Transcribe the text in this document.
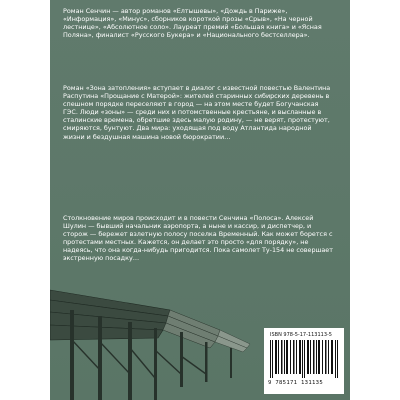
Роман Сенчин — автор романов «Елтышевы», «Дождь в Париже», «Информация», «Минус», сборников короткой прозы «Срыв», «На черной лестнице», «Абсолютное соло». Лауреат премий «Большая книга» и «Ясная Поляна», финалист «Русского Букера» и «Национального бестселлера».

Роман «Зона затопления» вступает в диалог с известной повестью Валентина Распутина «Прощание с Матерой»: жителей старинных сибирских деревень в спешном порядке переселяют в город — на этом месте будет Богучанская ГЭС. Люди «зоны» — среди них и потомственные крестьяне, и высланные в сталинские времена, обретшие здесь малую родину, — не верят, протестуют, смиряются, бунтуют. Два мира: уходящая под воду Атлантида народной жизни и бездушная машина новой бюрократии…

Столкновение миров происходит и в повести Сенчина «Полоса». Алексей Шулин — бывший начальник аэропорта, а ныне и кассир, и диспетчер, и сторож — бережет взлетную полосу поселка Временный. Как может борется с протестами местных. Кажется, он делает это просто «для порядку», не надеясь, что она когда-нибудь пригодится. Пока самолет Ту-154 не совершает экстренную посадку…

ISBN 978-5-17-113113-5
9 785171 131135
